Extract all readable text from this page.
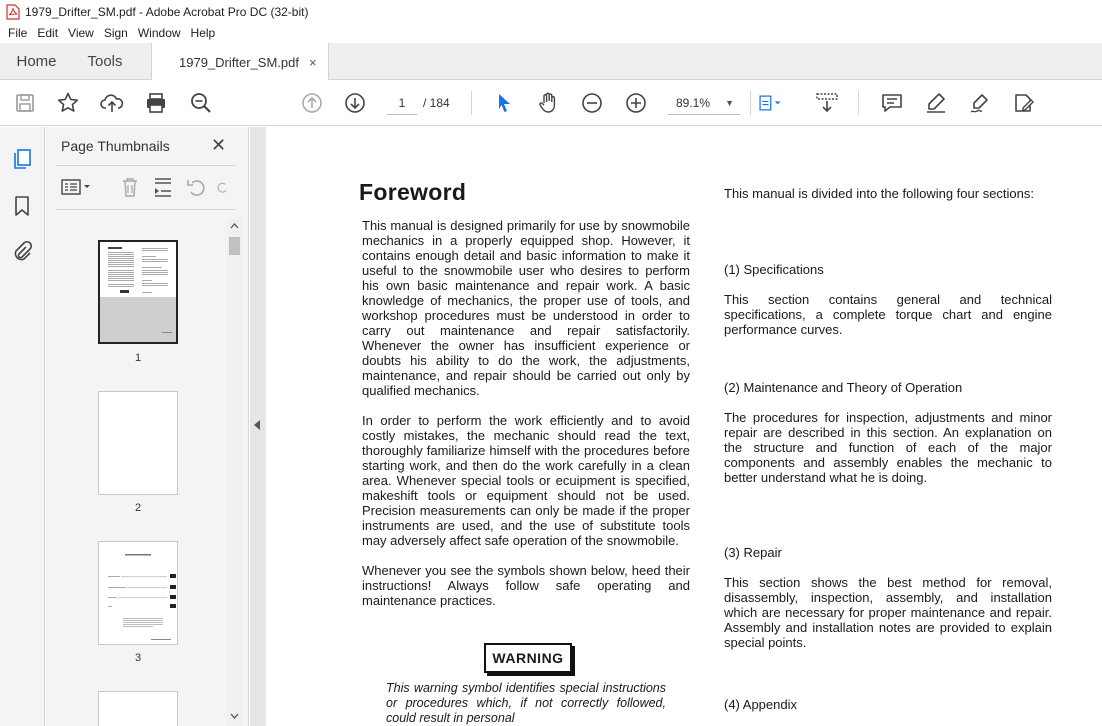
1979_Drifter_SM.pdf - Adobe Acrobat Pro DC (32-bit)
File Edit View Sign Window Help
Home	Tools	1979_Drifter_SM.pdf ×
1	/ 184	89.1% ▼
Page Thumbnails ✕
1
2
3
Foreword

This manual is designed primarily for use by snowmobile mechanics in a properly equipped shop. However, it contains enough detail and basic information to make it useful to the snowmobile user who desires to perform his own basic maintenance and repair work. A basic knowledge of mechanics, the proper use of tools, and workshop procedures must be understood in order to carry out maintenance and repair satisfactorily. Whenever the owner has insufficient experience or doubts his ability to do the work, the adjustments, maintenance, and repair should be carried out only by qualified mechanics.

In order to perform the work efficiently and to avoid costly mistakes, the mechanic should read the text, thoroughly familiarize himself with the procedures before starting work, and then do the work carefully in a clean area. Whenever special tools or ecuipment is specified, makeshift tools or equipment should not be used. Precision measurements can only be made if the proper instruments are used, and the use of substitute tools may adversely affect safe operation of the snowmobile.

Whenever you see the symbols shown below, heed their instructions! Always follow safe operating and maintenance practices.

WARNING
This warning symbol identifies special instructions or procedures which, if not correctly followed, could result in personal
This manual is divided into the following four sections:
(1) Specifications
This section contains general and technical specifications, a complete torque chart and engine performance curves.
(2) Maintenance and Theory of Operation
The procedures for inspection, adjustments and minor repair are described in this section. An explanation on the structure and function of each of the major components and assembly enables the mechanic to better understand what he is doing.
(3) Repair
This section shows the best method for removal, disassembly, inspection, assembly, and installation which are necessary for proper maintenance and repair. Assembly and installation notes are provided to explain special points.
(4) Appendix
